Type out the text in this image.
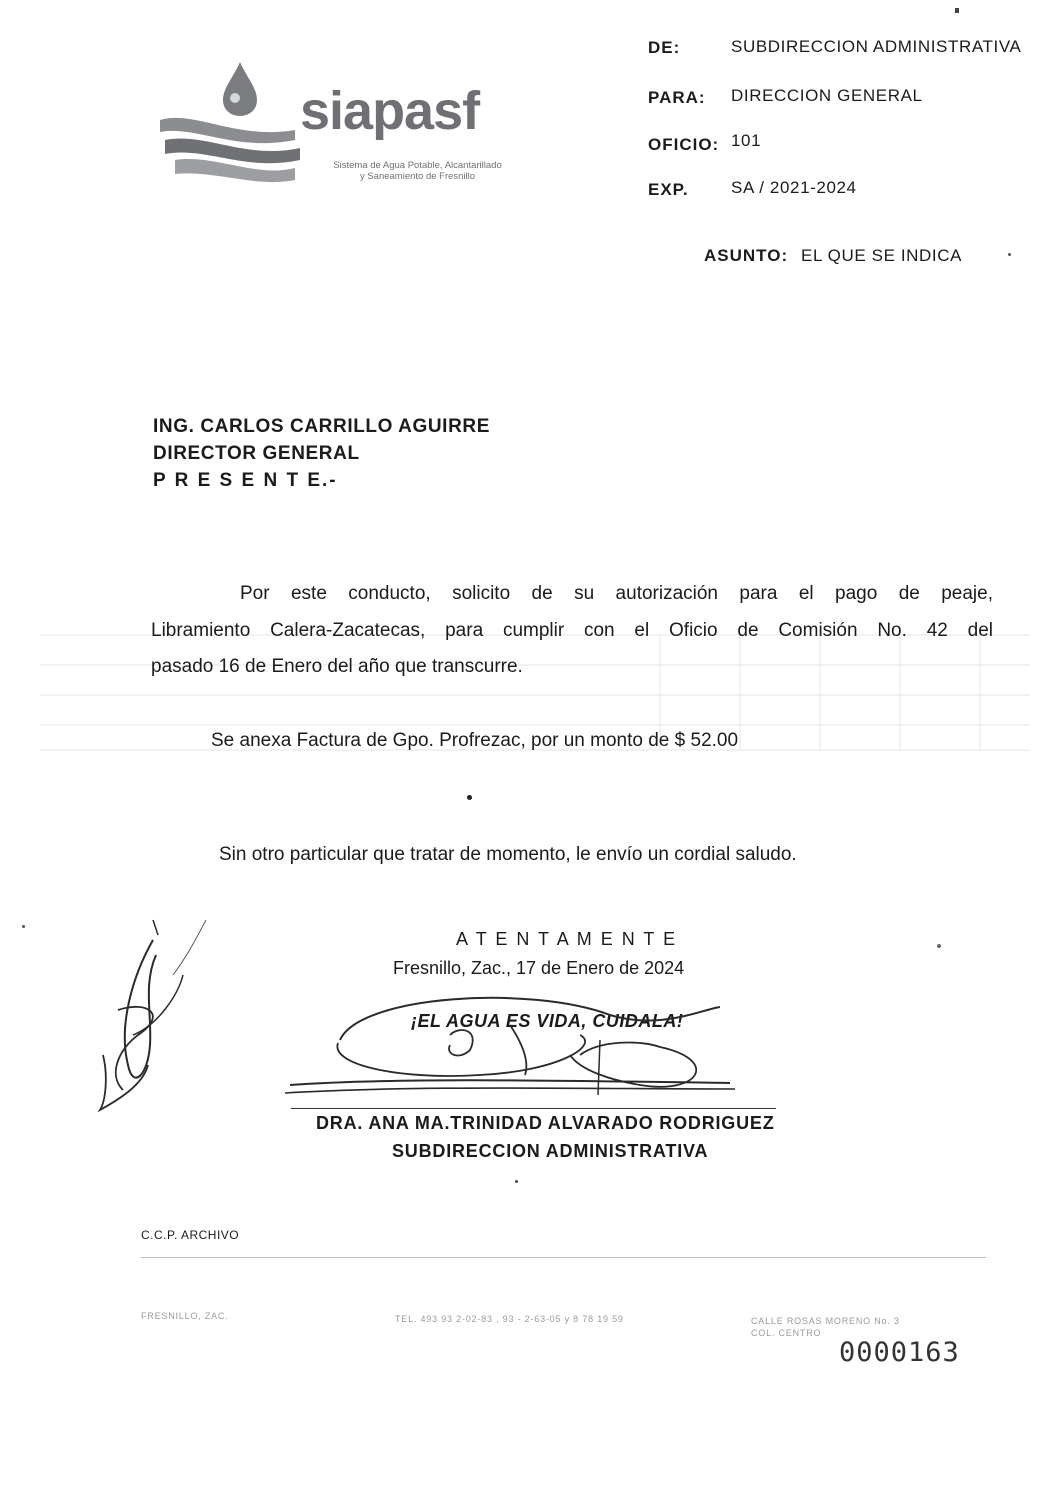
siapasf
Sistema de Agua Potable, Alcantarillado
y Saneamiento de Fresnillo
DE:	SUBDIRECCION ADMINISTRATIVA
PARA: DIRECCION GENERAL
OFICIO: 101
EXP. SA / 2021-2024
ASUNTO: EL QUE SE INDICA
ING. CARLOS CARRILLO AGUIRRE
DIRECTOR GENERAL
P R E S E N T E.-
Por este conducto, solicito de su autorización para el pago de peaje,
Libramiento Calera-Zacatecas, para cumplir con el Oficio de Comisión No. 42 del
pasado 16 de Enero del año que transcurre.
Se anexa Factura de Gpo. Profrezac, por un monto de $ 52.00
Sin otro particular que tratar de momento, le envío un cordial saludo.
A T E N T A M E N T E
Fresnillo, Zac., 17 de Enero de 2024
¡EL AGUA ES VIDA, CUIDALA!
DRA. ANA MA.TRINIDAD ALVARADO RODRIGUEZ
SUBDIRECCION ADMINISTRATIVA
C.C.P. ARCHIVO
FRESNILLO, ZAC.	TEL. 493 93 2-02-83 , 93 - 2-63-05 y 8 78 19 59	CALLE ROSAS MORENO No. 3
COL. CENTRO
0000163
